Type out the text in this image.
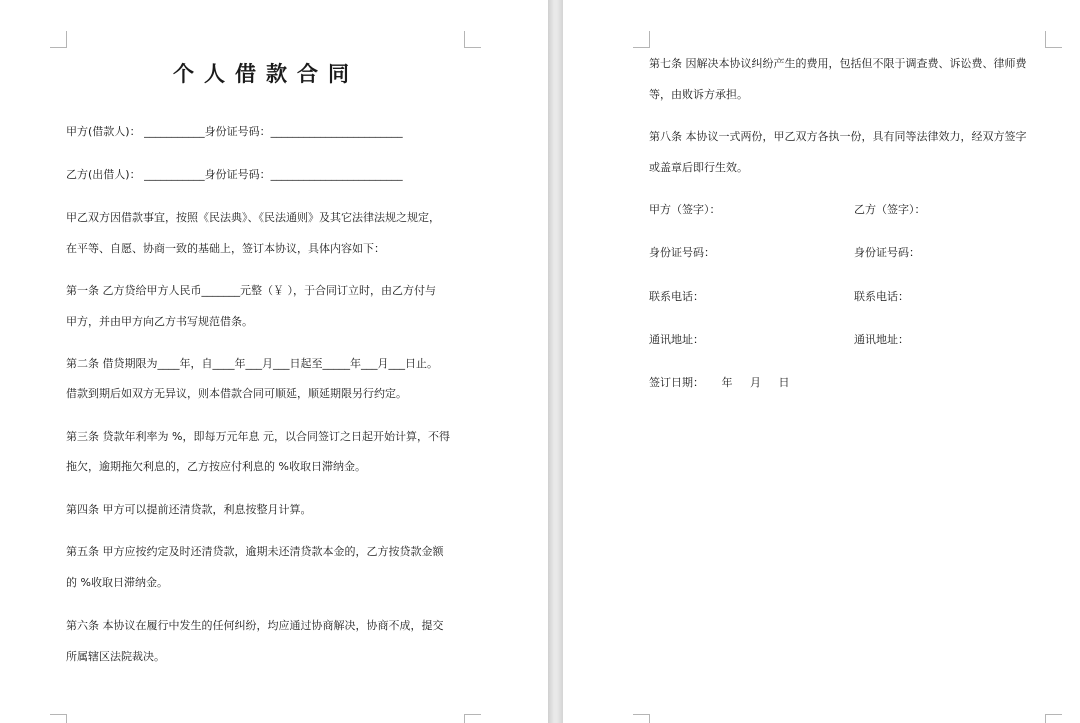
个人借款合同
甲方(借款人)： ___________身份证号码：________________________
乙方(出借人)： ___________身份证号码：________________________
甲乙双方因借款事宜，按照《民法典》、《民法通则》及其它法律法规之规定，
在平等、自愿、协商一致的基础上，签订本协议，具体内容如下：
第一条 乙方贷给甲方人民币_______元整（￥ ），于合同订立时，由乙方付与
甲方，并由甲方向乙方书写规范借条。
第二条 借贷期限为____年，自____年___月___日起至_____年___月___日止。
借款到期后如双方无异议，则本借款合同可顺延，顺延期限另行约定。
第三条 贷款年利率为 %，即每万元年息 元，以合同签订之日起开始计算，不得
拖欠，逾期拖欠利息的，乙方按应付利息的 %收取日滞纳金。
第四条 甲方可以提前还清贷款，利息按整月计算。
第五条 甲方应按约定及时还清贷款，逾期未还清贷款本金的，乙方按贷款金额
的 %收取日滞纳金。
第六条 本协议在履行中发生的任何纠纷，均应通过协商解决，协商不成，提交
所属辖区法院裁决。
第七条 因解决本协议纠纷产生的费用，包括但不限于调查费、诉讼费、律师费
等，由败诉方承担。
第八条 本协议一式两份，甲乙双方各执一份，具有同等法律效力，经双方签字
或盖章后即行生效。
甲方（签字）：	乙方（签字）：
身份证号码：	身份证号码：
联系电话：	联系电话：
通讯地址：	通讯地址：
签订日期：     年     月     日
